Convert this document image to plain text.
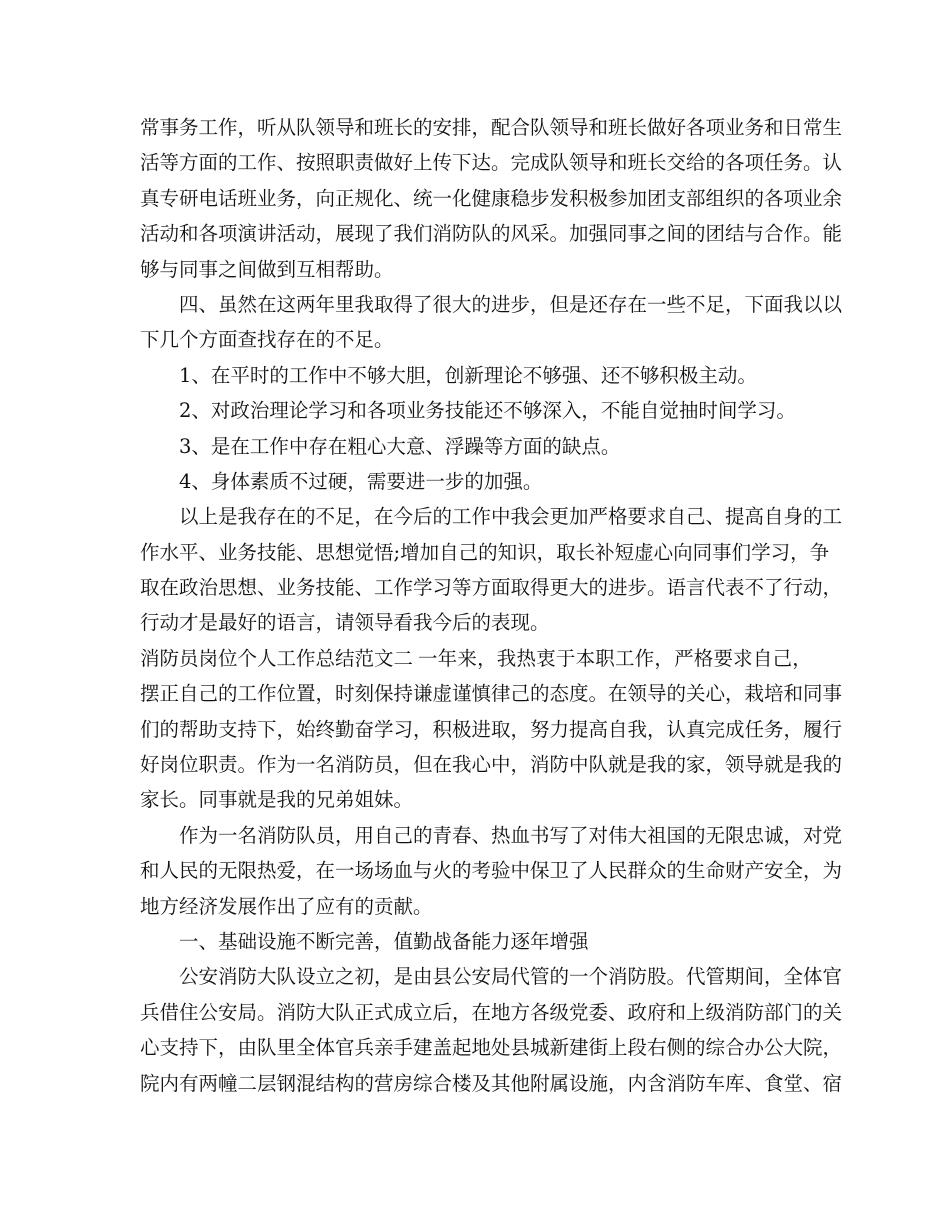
常事务工作，听从队领导和班长的安排，配合队领导和班长做好各项业务和日常生
活等方面的工作、按照职责做好上传下达。完成队领导和班长交给的各项任务。认
真专研电话班业务，向正规化、统一化健康稳步发积极参加团支部组织的各项业余
活动和各项演讲活动，展现了我们消防队的风采。加强同事之间的团结与合作。能
够与同事之间做到互相帮助。
四、虽然在这两年里我取得了很大的进步，但是还存在一些不足，下面我以以
下几个方面查找存在的不足。
1、在平时的工作中不够大胆，创新理论不够强、还不够积极主动。
2、对政治理论学习和各项业务技能还不够深入，不能自觉抽时间学习。
3、是在工作中存在粗心大意、浮躁等方面的缺点。
4、身体素质不过硬，需要进一步的加强。
以上是我存在的不足，在今后的工作中我会更加严格要求自己、提高自身的工
作水平、业务技能、思想觉悟;增加自己的知识，取长补短虚心向同事们学习，争
取在政治思想、业务技能、工作学习等方面取得更大的进步。语言代表不了行动，
行动才是最好的语言，请领导看我今后的表现。
消防员岗位个人工作总结范文二 一年来，我热衷于本职工作，严格要求自己，
摆正自己的工作位置，时刻保持谦虚谨慎律己的态度。在领导的关心，栽培和同事
们的帮助支持下，始终勤奋学习，积极进取，努力提高自我，认真完成任务，履行
好岗位职责。作为一名消防员，但在我心中，消防中队就是我的家，领导就是我的
家长。同事就是我的兄弟姐妹。
作为一名消防队员，用自己的青春、热血书写了对伟大祖国的无限忠诚，对党
和人民的无限热爱，在一场场血与火的考验中保卫了人民群众的生命财产安全，为
地方经济发展作出了应有的贡献。
一、基础设施不断完善，值勤战备能力逐年增强
公安消防大队设立之初，是由县公安局代管的一个消防股。代管期间，全体官
兵借住公安局。消防大队正式成立后，在地方各级党委、政府和上级消防部门的关
心支持下，由队里全体官兵亲手建盖起地处县城新建街上段右侧的综合办公大院，
院内有两幢二层钢混结构的营房综合楼及其他附属设施，内含消防车库、食堂、宿
